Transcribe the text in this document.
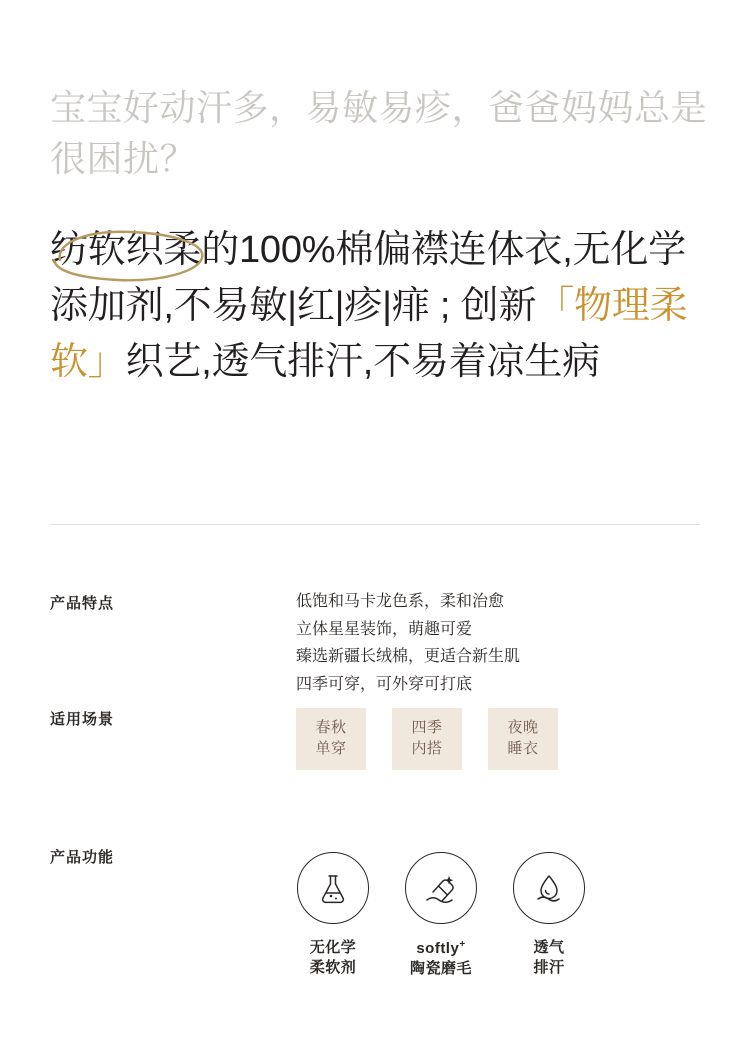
宝宝好动汗多，易敏易疹，爸爸妈妈总是很困扰？
纺软织柔的100%棉偏襟连体衣,无化学添加剂,不易敏|红|疹|痱 ; 创新「物理柔软」织艺,透气排汗,不易着凉生病
产品特点	低饱和马卡龙色系，柔和治愈
立体星星装饰，萌趣可爱
臻选新疆长绒棉，更适合新生肌
四季可穿，可外穿可打底
适用场景	春秋
单穿
四季
内搭
夜晚
睡衣
产品功能
无化学
柔软剂
softly+
陶瓷磨毛
透气
排汗
